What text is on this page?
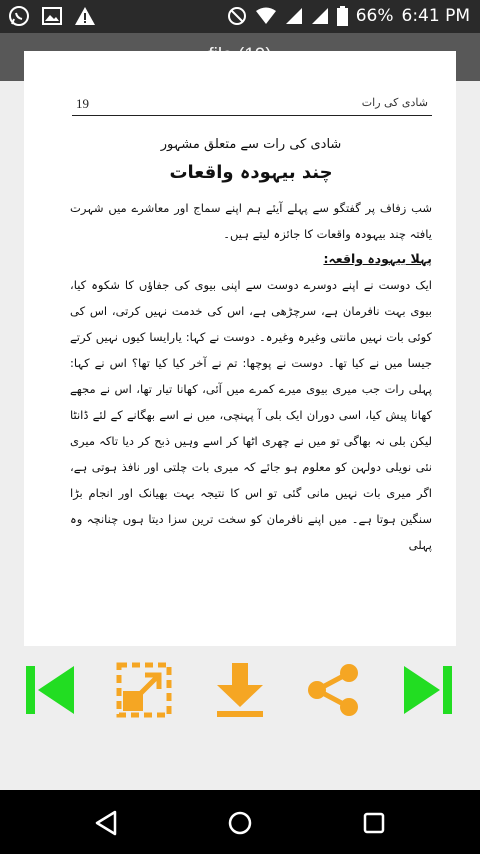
66% 6:41 PM
19	شادی کی رات
شادی کی رات سے متعلق مشہور
چند بیہودہ واقعات
شب زفاف پر گفتگو سے پہلے آیئے ہم اپنے سماج اور معاشرے میں شہرت یافتہ چند بیہودہ واقعات کا جائزہ لیتے ہیں۔
پہلا بیہودہ واقعہ:
ایک دوست نے اپنے دوسرے دوست سے اپنی بیوی کی جفاؤں کا شکوہ کیا، بیوی بہت نافرمان ہے، سرچڑھی ہے، اس کی خدمت نہیں کرتی، اس کی کوئی بات نہیں مانتی وغیرہ وغیرہ۔ دوست نے کہا: یارایسا کیوں نہیں کرتے جیسا میں نے کیا تھا۔ دوست نے پوچھا: تم نے آخر کیا کیا تھا؟ اس نے کہا: پہلی رات جب میری بیوی میرے کمرے میں آئی، کھانا تیار تھا، اس نے مجھے کھانا پیش کیا، اسی دوران ایک بلی آ پہنچی، میں نے اسے بھگانے کے لئے ڈانٹا لیکن بلی نہ بھاگی تو میں نے چھری اٹھا کر اسے وہیں ذبح کر دیا تاکہ میری نئی نویلی دولہن کو معلوم ہو جائے کہ میری بات چلتی اور نافذ ہوتی ہے، اگر میری بات نہیں مانی گئی تو اس کا نتیجہ بہت بھیانک اور انجام بڑا سنگین ہوتا ہے۔ میں اپنے نافرمان کو سخت ترین سزا دیتا ہوں چنانچہ وہ پہلی
